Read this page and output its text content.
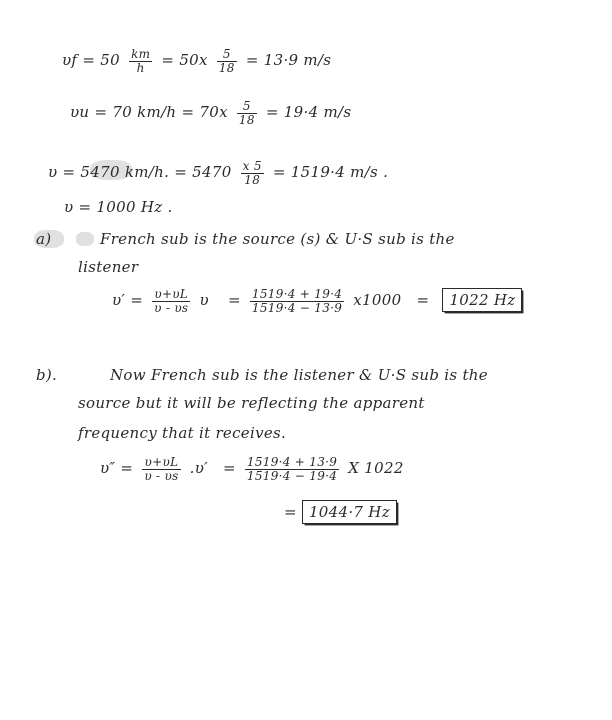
$\upsilon f = 50 \frac{km}{h} = 50x \frac{5}{18} = 13\cdot 9$ m/s
υu = 70 $km/h = 70x \frac{5}{18} = 19\cdot 4$ m/s
υ = 5470 km/h. = $5470 \frac{x 5}{18} = 1519\cdot 4$ m/s .
υ = 1000 Hz .
a)	French sub is the source (s) & U·S sub is the
listener
$\upsilon' = \frac{\upsilon+\upsilon L}{\upsilon - \upsilon s}$ $\upsilon = \frac{1519\cdot 4 + 19\cdot 4}{1519\cdot 4 - 13\cdot 9} x1000 = 1022$ Hz
b).	Now French sub is the listener & U·S sub is the
source but it will be reflecting the apparent
frequency that it receives.
$\upsilon'' = \frac{\upsilon+\upsilon L}{\upsilon - \upsilon s} .\upsilon' = \frac{1519\cdot 4 + 13\cdot 9}{1519\cdot 4 - 19\cdot 4}$ X 1022
= 1044·7 Hz
